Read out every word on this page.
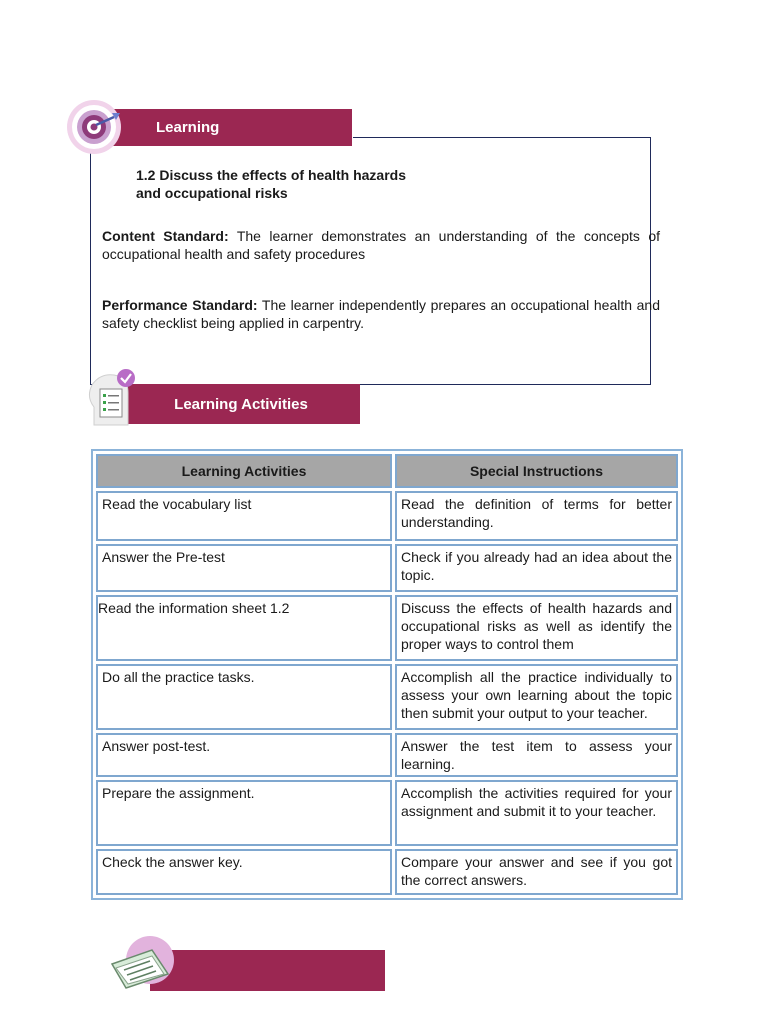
Learning
1.2 Discuss the effects of health hazards
and occupational risks
Content Standard: The learner demonstrates an understanding of the concepts of occupational health and safety procedures
Performance Standard: The learner independently prepares an occupational health and safety checklist being applied in carpentry.
Learning Activities
Learning Activities	Special Instructions
Read the vocabulary list	Read the definition of terms for better understanding.
Answer the Pre-test	Check if you already had an idea about the topic.
Read the information sheet 1.2	Discuss the effects of health hazards and occupational risks as well as identify the proper ways to control them
Do all the practice tasks.	Accomplish all the practice individually to assess your own learning about the topic then submit your output to your teacher.
Answer post-test.	Answer the test item to assess your learning.
Prepare the assignment.	Accomplish the activities required for your assignment and submit it to your teacher.
Check the answer key.	Compare your answer and see if you got the correct answers.
